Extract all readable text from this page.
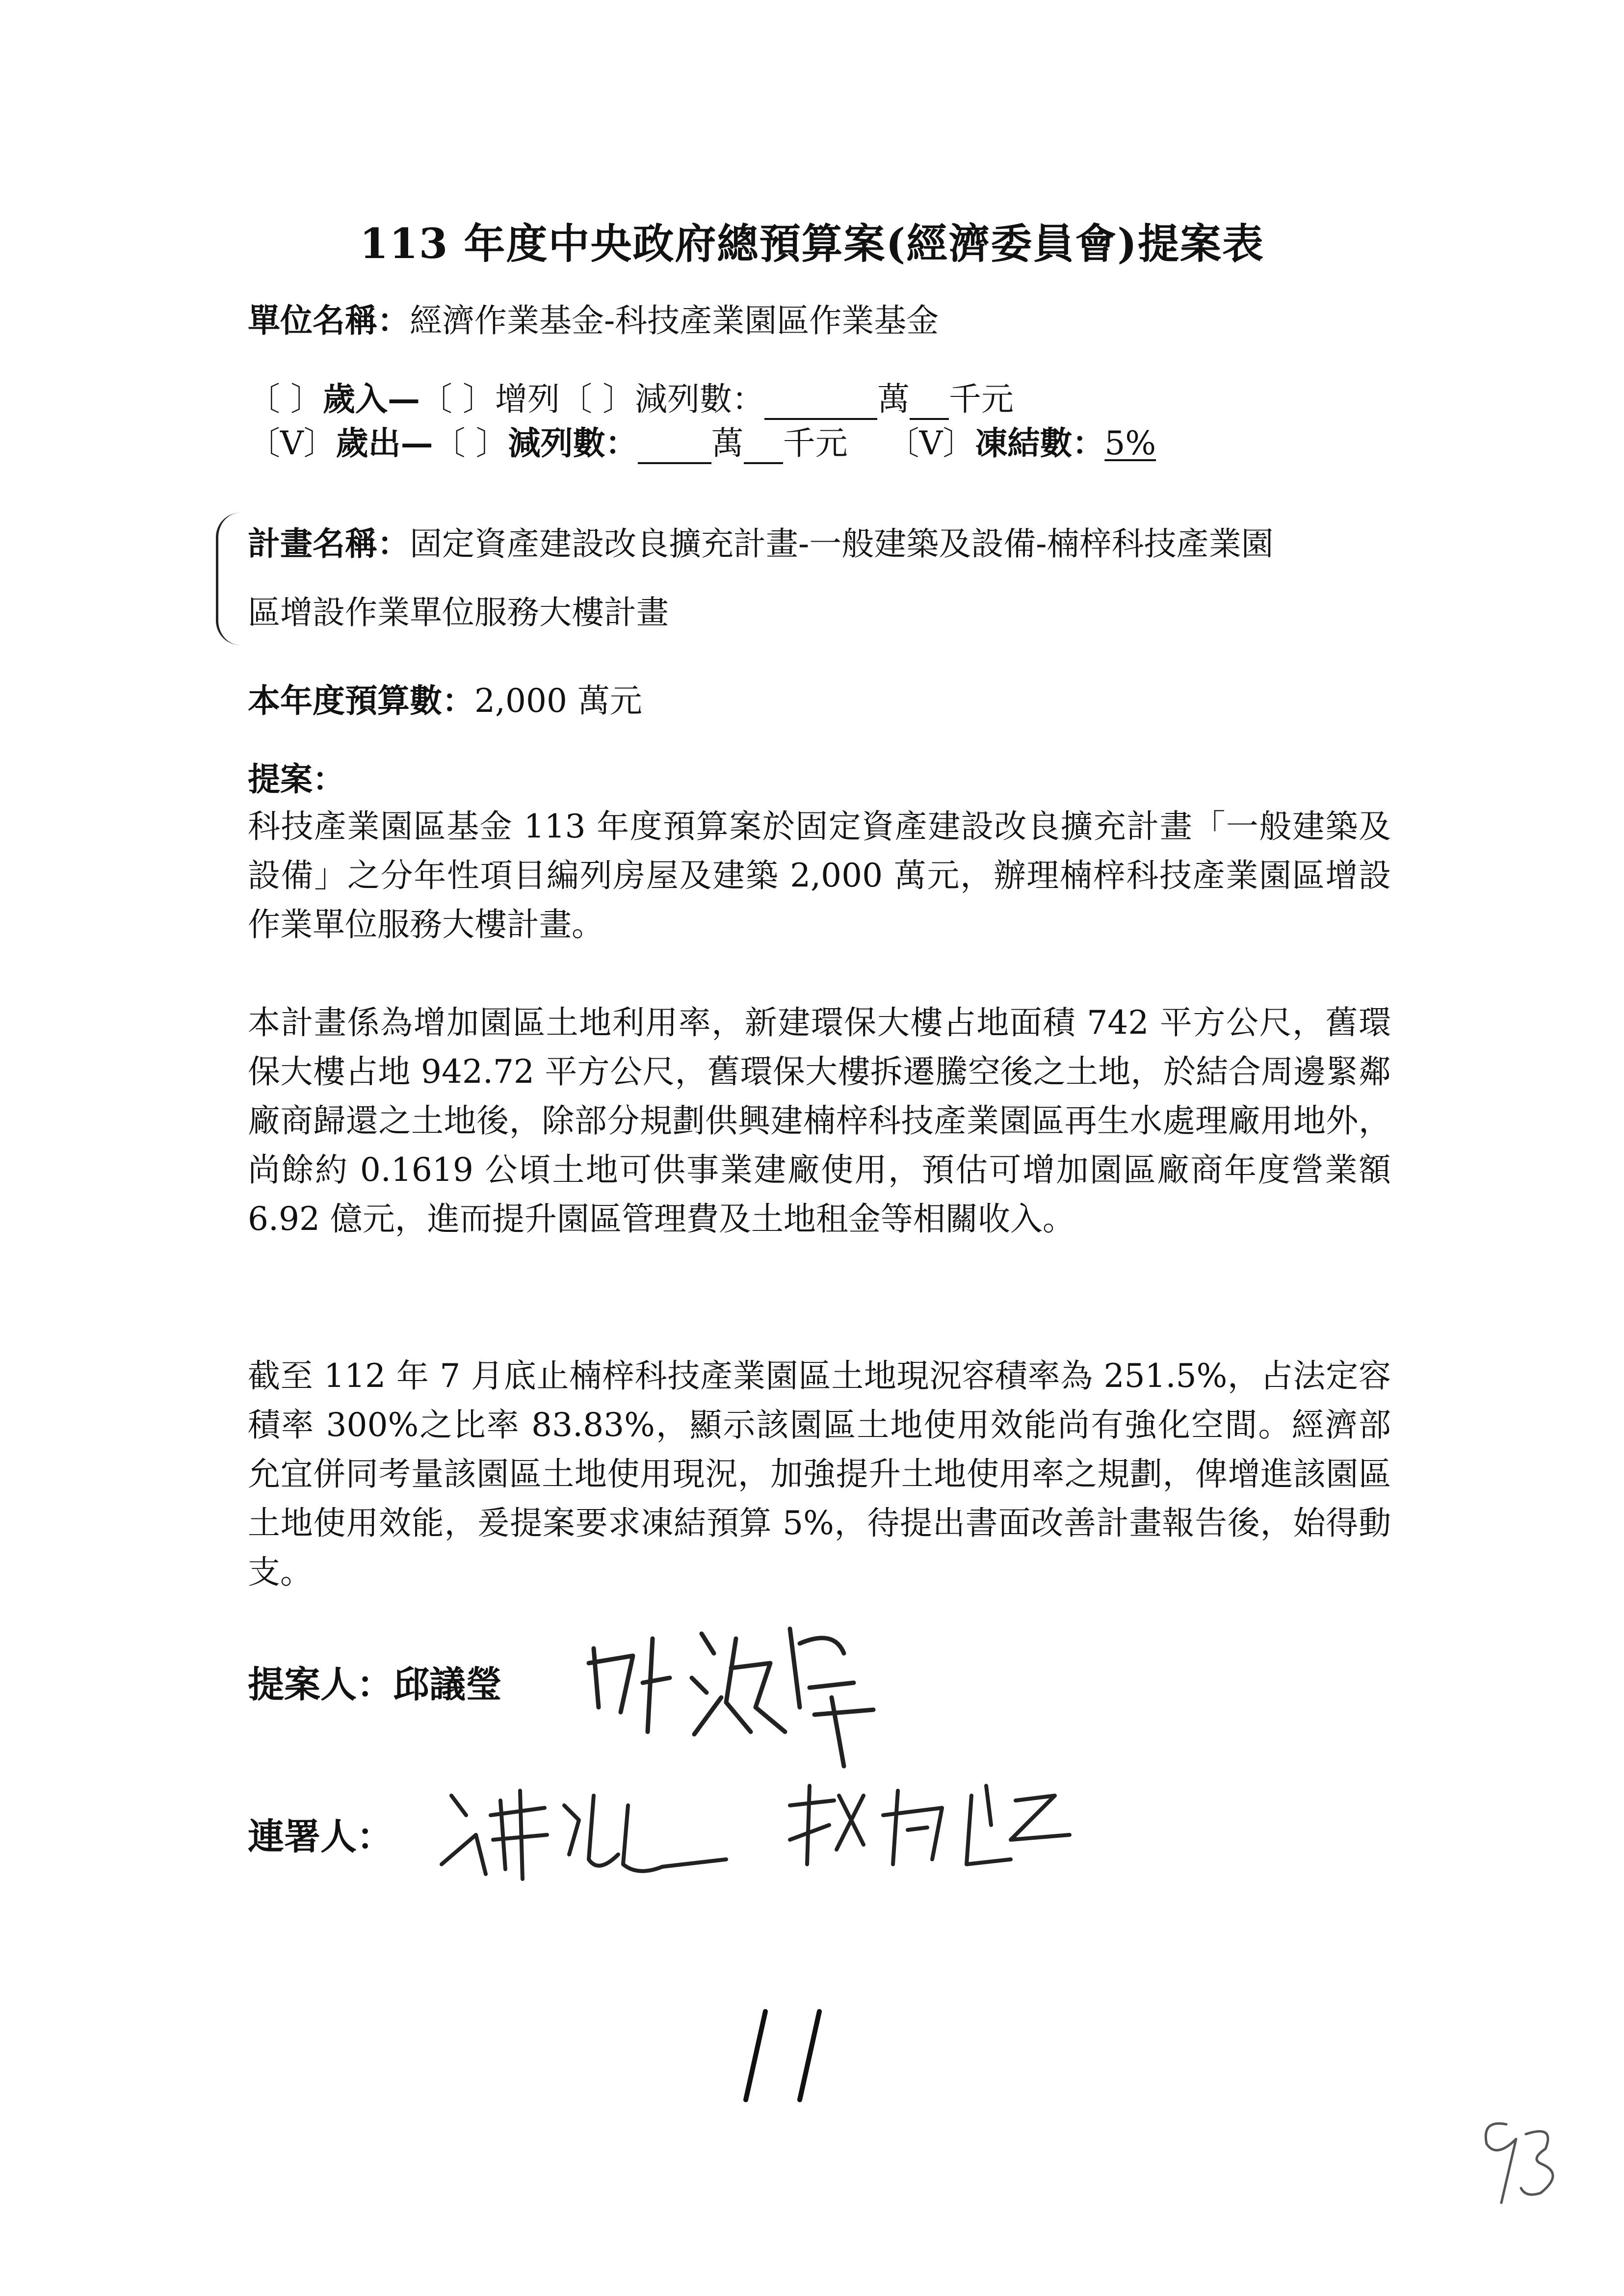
113 年度中央政府總預算案(經濟委員會)提案表
單位名稱：經濟作業基金-科技產業園區作業基金
〔 〕歲入—〔 〕增列〔 〕減列數：	萬 千元
〔V〕歲出—〔 〕減列數： 萬 千元 〔V〕凍結數：5%
計畫名稱：固定資產建設改良擴充計畫-一般建築及設備-楠梓科技產業園
區增設作業單位服務大樓計畫
本年度預算數：2,000 萬元
提案：
科技產業園區基金 113 年度預算案於固定資產建設改良擴充計畫「一般建築及設備」之分年性項目編列房屋及建築 2,000 萬元，辦理楠梓科技產業園區增設作業單位服務大樓計畫。
本計畫係為增加園區土地利用率，新建環保大樓占地面積 742 平方公尺，舊環保大樓占地 942.72 平方公尺，舊環保大樓拆遷騰空後之土地，於結合周邊緊鄰廠商歸還之土地後，除部分規劃供興建楠梓科技產業園區再生水處理廠用地外，尚餘約 0.1619 公頃土地可供事業建廠使用，預估可增加園區廠商年度營業額 6.92 億元，進而提升園區管理費及土地租金等相關收入。
截至 112 年 7 月底止楠梓科技產業園區土地現況容積率為 251.5%，占法定容積率 300%之比率 83.83%，顯示該園區土地使用效能尚有強化空間。經濟部允宜併同考量該園區土地使用現況，加強提升土地使用率之規劃，俾增進該園區土地使用效能，爰提案要求凍結預算 5%，待提出書面改善計畫報告後，始得動支。
提案人：邱議瑩
連署人：
